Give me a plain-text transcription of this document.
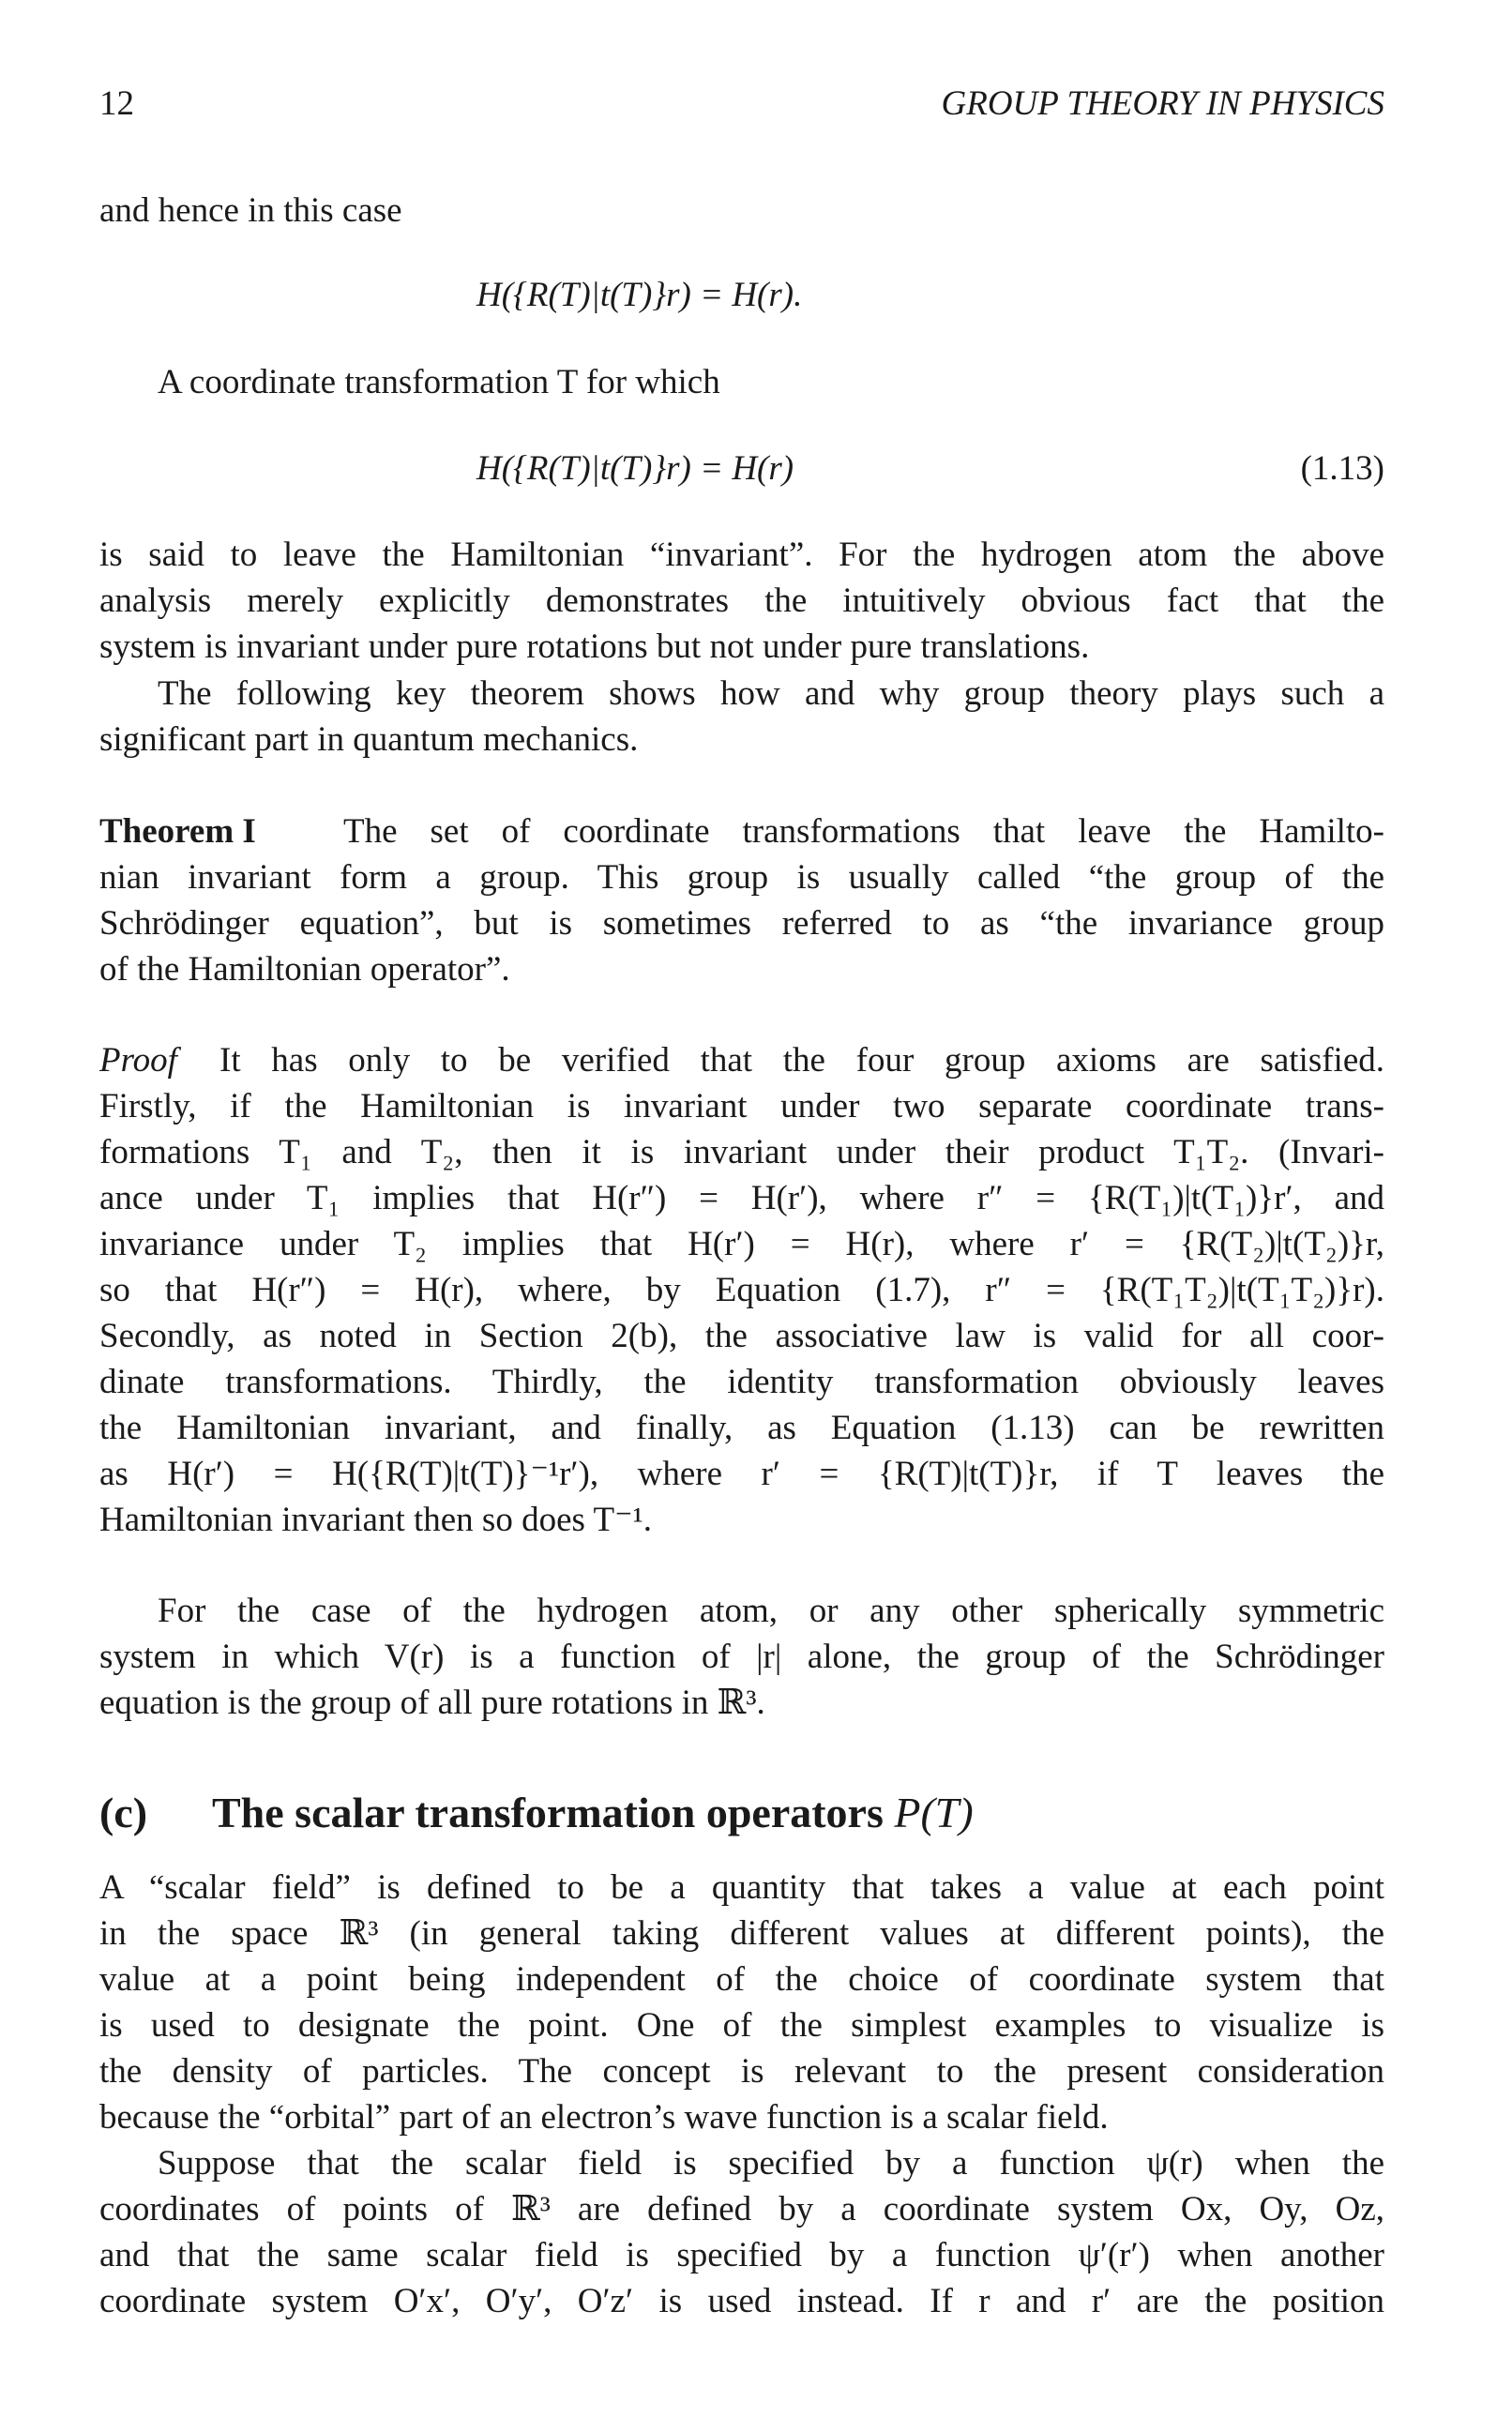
12	GROUP THEORY IN PHYSICS
and hence in this case
H({R(T)|t(T)}r) = H(r).
A coordinate transformation T for which
H({R(T)|t(T)}r) = H(r)	(1.13)
is said to leave the Hamiltonian “invariant”. For the hydrogen atom the above
analysis merely explicitly demonstrates the intuitively obvious fact that the
system is invariant under pure rotations but not under pure translations.
The following key theorem shows how and why group theory plays such a
significant part in quantum mechanics.
Theorem I	The set of coordinate transformations that leave the Hamilto-
nian invariant form a group. This group is usually called “the group of the
Schrödinger equation”, but is sometimes referred to as “the invariance group
of the Hamiltonian operator”.
Proof It has only to be verified that the four group axioms are satisfied.
Firstly, if the Hamiltonian is invariant under two separate coordinate trans-
formations T₁ and T₂, then it is invariant under their product T₁T₂. (Invari-
ance under T₁ implies that H(r″) = H(r′), where r″ = {R(T₁)|t(T₁)}r′, and
invariance under T₂ implies that H(r′) = H(r), where r′ = {R(T₂)|t(T₂)}r,
so that H(r″) = H(r), where, by Equation (1.7), r″ = {R(T₁T₂)|t(T₁T₂)}r).
Secondly, as noted in Section 2(b), the associative law is valid for all coor-
dinate transformations. Thirdly, the identity transformation obviously leaves
the Hamiltonian invariant, and finally, as Equation (1.13) can be rewritten
as H(r′) = H({R(T)|t(T)}⁻¹r′), where r′ = {R(T)|t(T)}r, if T leaves the
Hamiltonian invariant then so does T⁻¹.
For the case of the hydrogen atom, or any other spherically symmetric
system in which V(r) is a function of |r| alone, the group of the Schrödinger
equation is the group of all pure rotations in ℝ³.
(c) The scalar transformation operators P(T)
A “scalar field” is defined to be a quantity that takes a value at each point
in the space ℝ³ (in general taking different values at different points), the
value at a point being independent of the choice of coordinate system that
is used to designate the point. One of the simplest examples to visualize is
the density of particles. The concept is relevant to the present consideration
because the “orbital” part of an electron’s wave function is a scalar field.
Suppose that the scalar field is specified by a function ψ(r) when the
coordinates of points of ℝ³ are defined by a coordinate system Ox, Oy, Oz,
and that the same scalar field is specified by a function ψ′(r′) when another
coordinate system O′x′, O′y′, O′z′ is used instead. If r and r′ are the position
